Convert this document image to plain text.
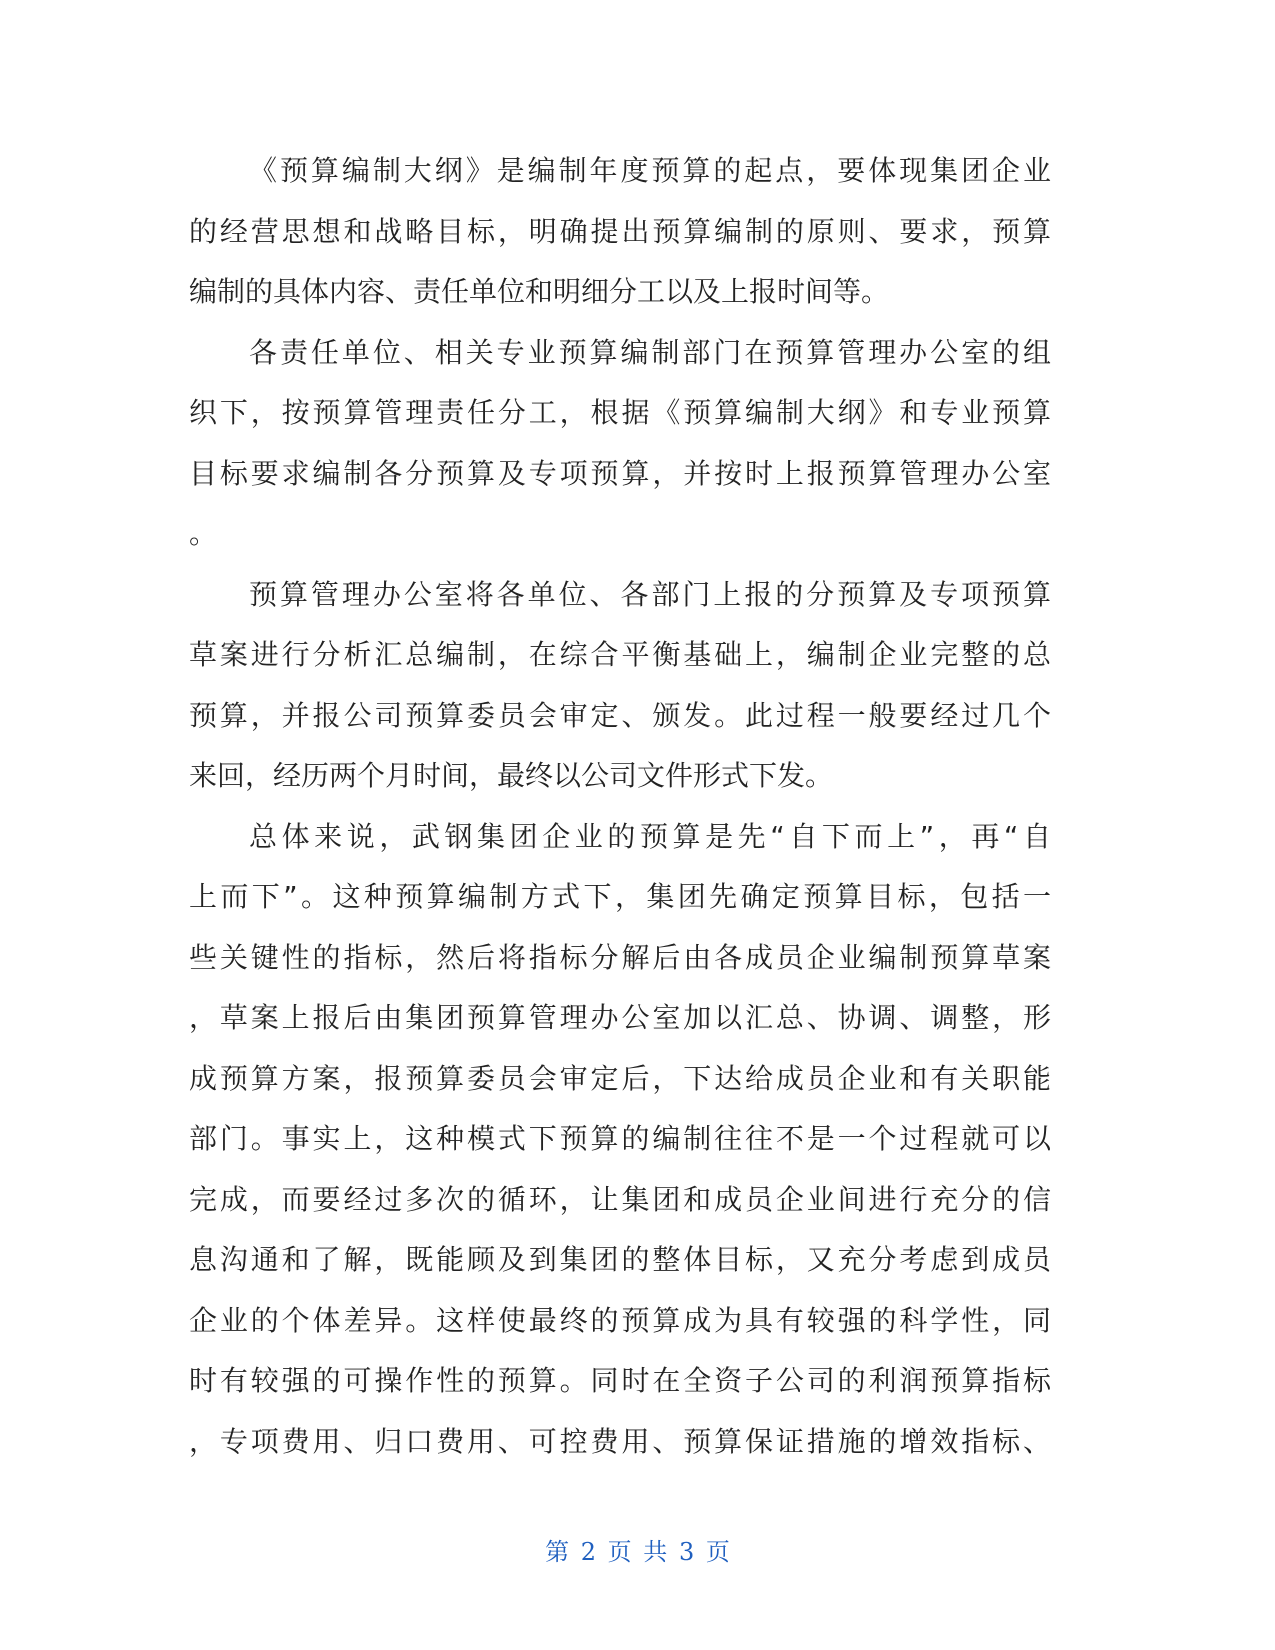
《预算编制大纲》是编制年度预算的起点，要体现集团企业
的经营思想和战略目标，明确提出预算编制的原则、要求，预算
编制的具体内容、责任单位和明细分工以及上报时间等。
各责任单位、相关专业预算编制部门在预算管理办公室的组
织下，按预算管理责任分工，根据《预算编制大纲》和专业预算
目标要求编制各分预算及专项预算，并按时上报预算管理办公室
。
预算管理办公室将各单位、各部门上报的分预算及专项预算
草案进行分析汇总编制，在综合平衡基础上，编制企业完整的总
预算，并报公司预算委员会审定、颁发。此过程一般要经过几个
来回，经历两个月时间，最终以公司文件形式下发。
总体来说，武钢集团企业的预算是先“自下而上”，再“自
上而下”。这种预算编制方式下，集团先确定预算目标，包括一
些关键性的指标，然后将指标分解后由各成员企业编制预算草案
，草案上报后由集团预算管理办公室加以汇总、协调、调整，形
成预算方案，报预算委员会审定后，下达给成员企业和有关职能
部门。事实上，这种模式下预算的编制往往不是一个过程就可以
完成，而要经过多次的循环，让集团和成员企业间进行充分的信
息沟通和了解，既能顾及到集团的整体目标，又充分考虑到成员
企业的个体差异。这样使最终的预算成为具有较强的科学性，同
时有较强的可操作性的预算。同时在全资子公司的利润预算指标
，专项费用、归口费用、可控费用、预算保证措施的增效指标、
第 2 页 共 3 页
